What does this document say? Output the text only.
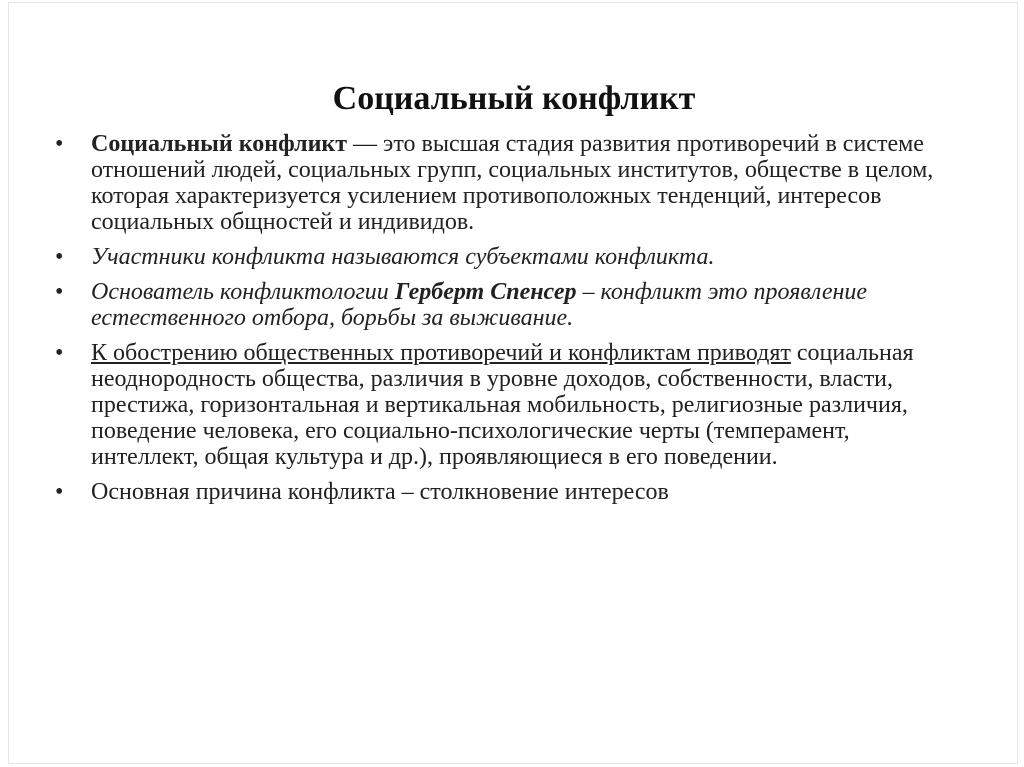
Социальный конфликт
• Социальный конфликт — это высшая стадия развития противоречий в системе отношений людей, социальных групп, социальных институтов, обществе в целом, которая характеризуется усилением противоположных тенденций, интересов социальных общностей и индивидов.
• Участники конфликта называются субъектами конфликта.
• Основатель конфликтологии Герберт Спенсер – конфликт это проявление естественного отбора, борьбы за выживание.
• К обострению общественных противоречий и конфликтам приводят социальная неоднородность общества, различия в уровне доходов, собственности, власти, престижа, горизонтальная и вертикальная мобильность, религиозные различия, поведение человека, его социально-психологические черты (темперамент, интеллект, общая культура и др.), проявляющиеся в его поведении.
• Основная причина конфликта – столкновение интересов
